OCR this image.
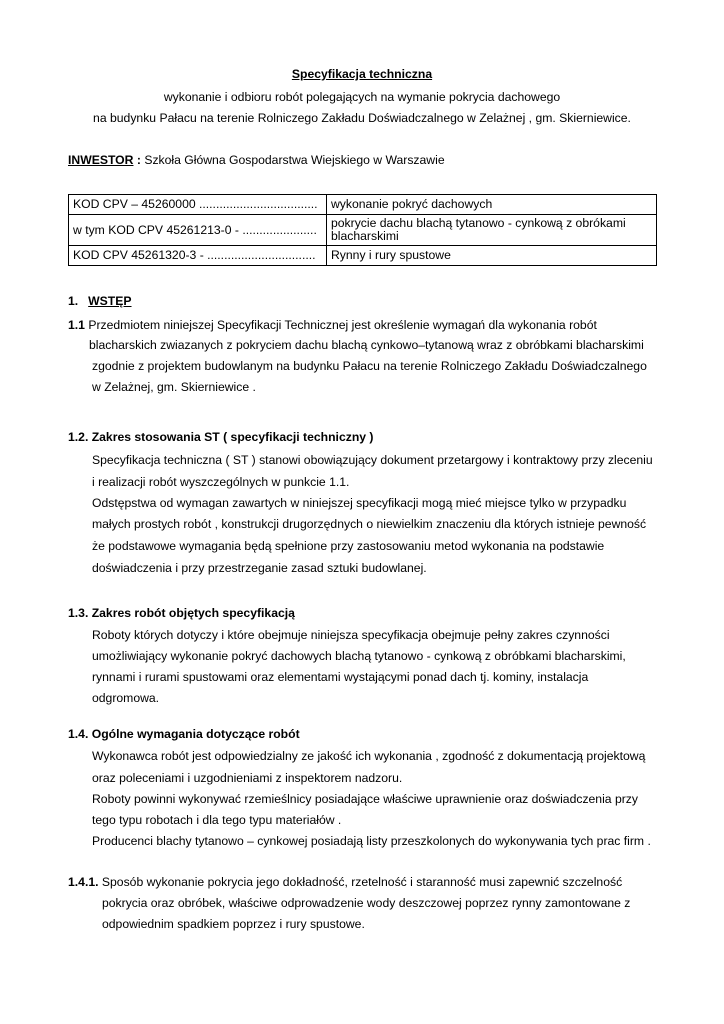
Specyfikacja techniczna
wykonanie i odbioru robót polegających na wymanie pokrycia dachowego
na budynku Pałacu na terenie Rolniczego Zakładu Doświadczalnego w Zelażnej , gm. Skierniewice.
INWESTOR : Szkoła Główna Gospodarstwa Wiejskiego w Warszawie
KOD CPV – 45260000 ...................................	wykonanie pokryć dachowych
w tym KOD CPV 45261213-0 - ......................	pokrycie dachu blachą tytanowo - cynkową z obrókami blacharskimi
KOD CPV 45261320-3 - ................................	Rynny i rury spustowe
1. WSTĘP
1.1 Przedmiotem niniejszej Specyfikacji Technicznej jest określenie wymagań dla wykonania robót
blacharskich zwiazanych z pokryciem dachu blachą cynkowo–tytanową wraz z obróbkami blacharskimi
zgodnie z projektem budowlanym na budynku Pałacu na terenie Rolniczego Zakładu Doświadczalnego
w Zelażnej, gm. Skierniewice .
1.2. Zakres stosowania ST ( specyfikacji techniczny )
Specyfikacja techniczna ( ST ) stanowi obowiązujący dokument przetargowy i kontraktowy przy zleceniu
i realizacji robót wyszczególnych w punkcie 1.1.
Odstępstwa od wymagan zawartych w niniejszej specyfikacji mogą mieć miejsce tylko w przypadku
małych prostych robót , konstrukcji drugorzędnych o niewielkim znaczeniu dla których istnieje pewność
że podstawowe wymagania będą spełnione przy zastosowaniu metod wykonania na podstawie
doświadczenia i przy przestrzeganie zasad sztuki budowlanej.
1.3. Zakres robót objętych specyfikacją
Roboty których dotyczy i które obejmuje niniejsza specyfikacja obejmuje pełny zakres czynności
umożliwiający wykonanie pokryć dachowych blachą tytanowo - cynkową z obróbkami blacharskimi,
rynnami i rurami spustowami oraz elementami wystającymi ponad dach tj. kominy, instalacja
odgromowa.
1.4. Ogólne wymagania dotyczące robót
Wykonawca robót jest odpowiedzialny ze jakość ich wykonania , zgodność z dokumentacją projektową
oraz poleceniami i uzgodnieniami z inspektorem nadzoru.
Roboty powinni wykonywać rzemieślnicy posiadające właściwe uprawnienie oraz doświadczenia przy
tego typu robotach i dla tego typu materiałów .
Producenci blachy tytanowo – cynkowej posiadają listy przeszkolonych do wykonywania tych prac firm .
1.4.1. Sposób wykonanie pokrycia jego dokładność, rzetelność i staranność musi zapewnić szczelność
pokrycia oraz obróbek, właściwe odprowadzenie wody deszczowej poprzez rynny zamontowane z
odpowiednim spadkiem poprzez i rury spustowe.
